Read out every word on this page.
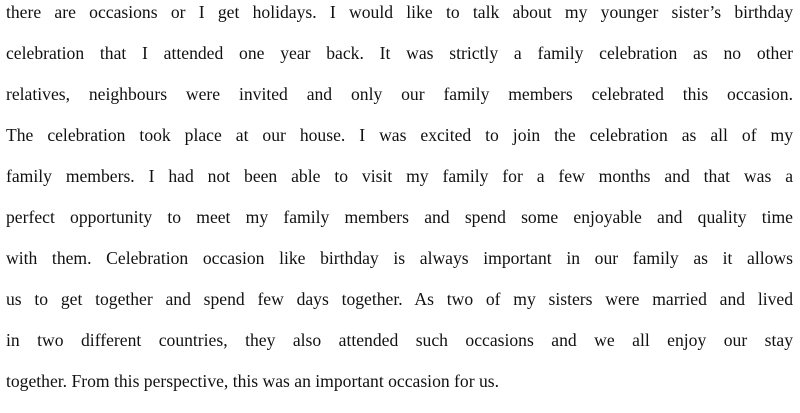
there are occasions or I get holidays. I would like to talk about my younger sister’s birthday
celebration that I attended one year back. It was strictly a family celebration as no other
relatives, neighbours were invited and only our family members celebrated this occasion.
The celebration took place at our house. I was excited to join the celebration as all of my
family members. I had not been able to visit my family for a few months and that was a
perfect opportunity to meet my family members and spend some enjoyable and quality time
with them. Celebration occasion like birthday is always important in our family as it allows
us to get together and spend few days together. As two of my sisters were married and lived
in two different countries, they also attended such occasions and we all enjoy our stay
together. From this perspective, this was an important occasion for us.
